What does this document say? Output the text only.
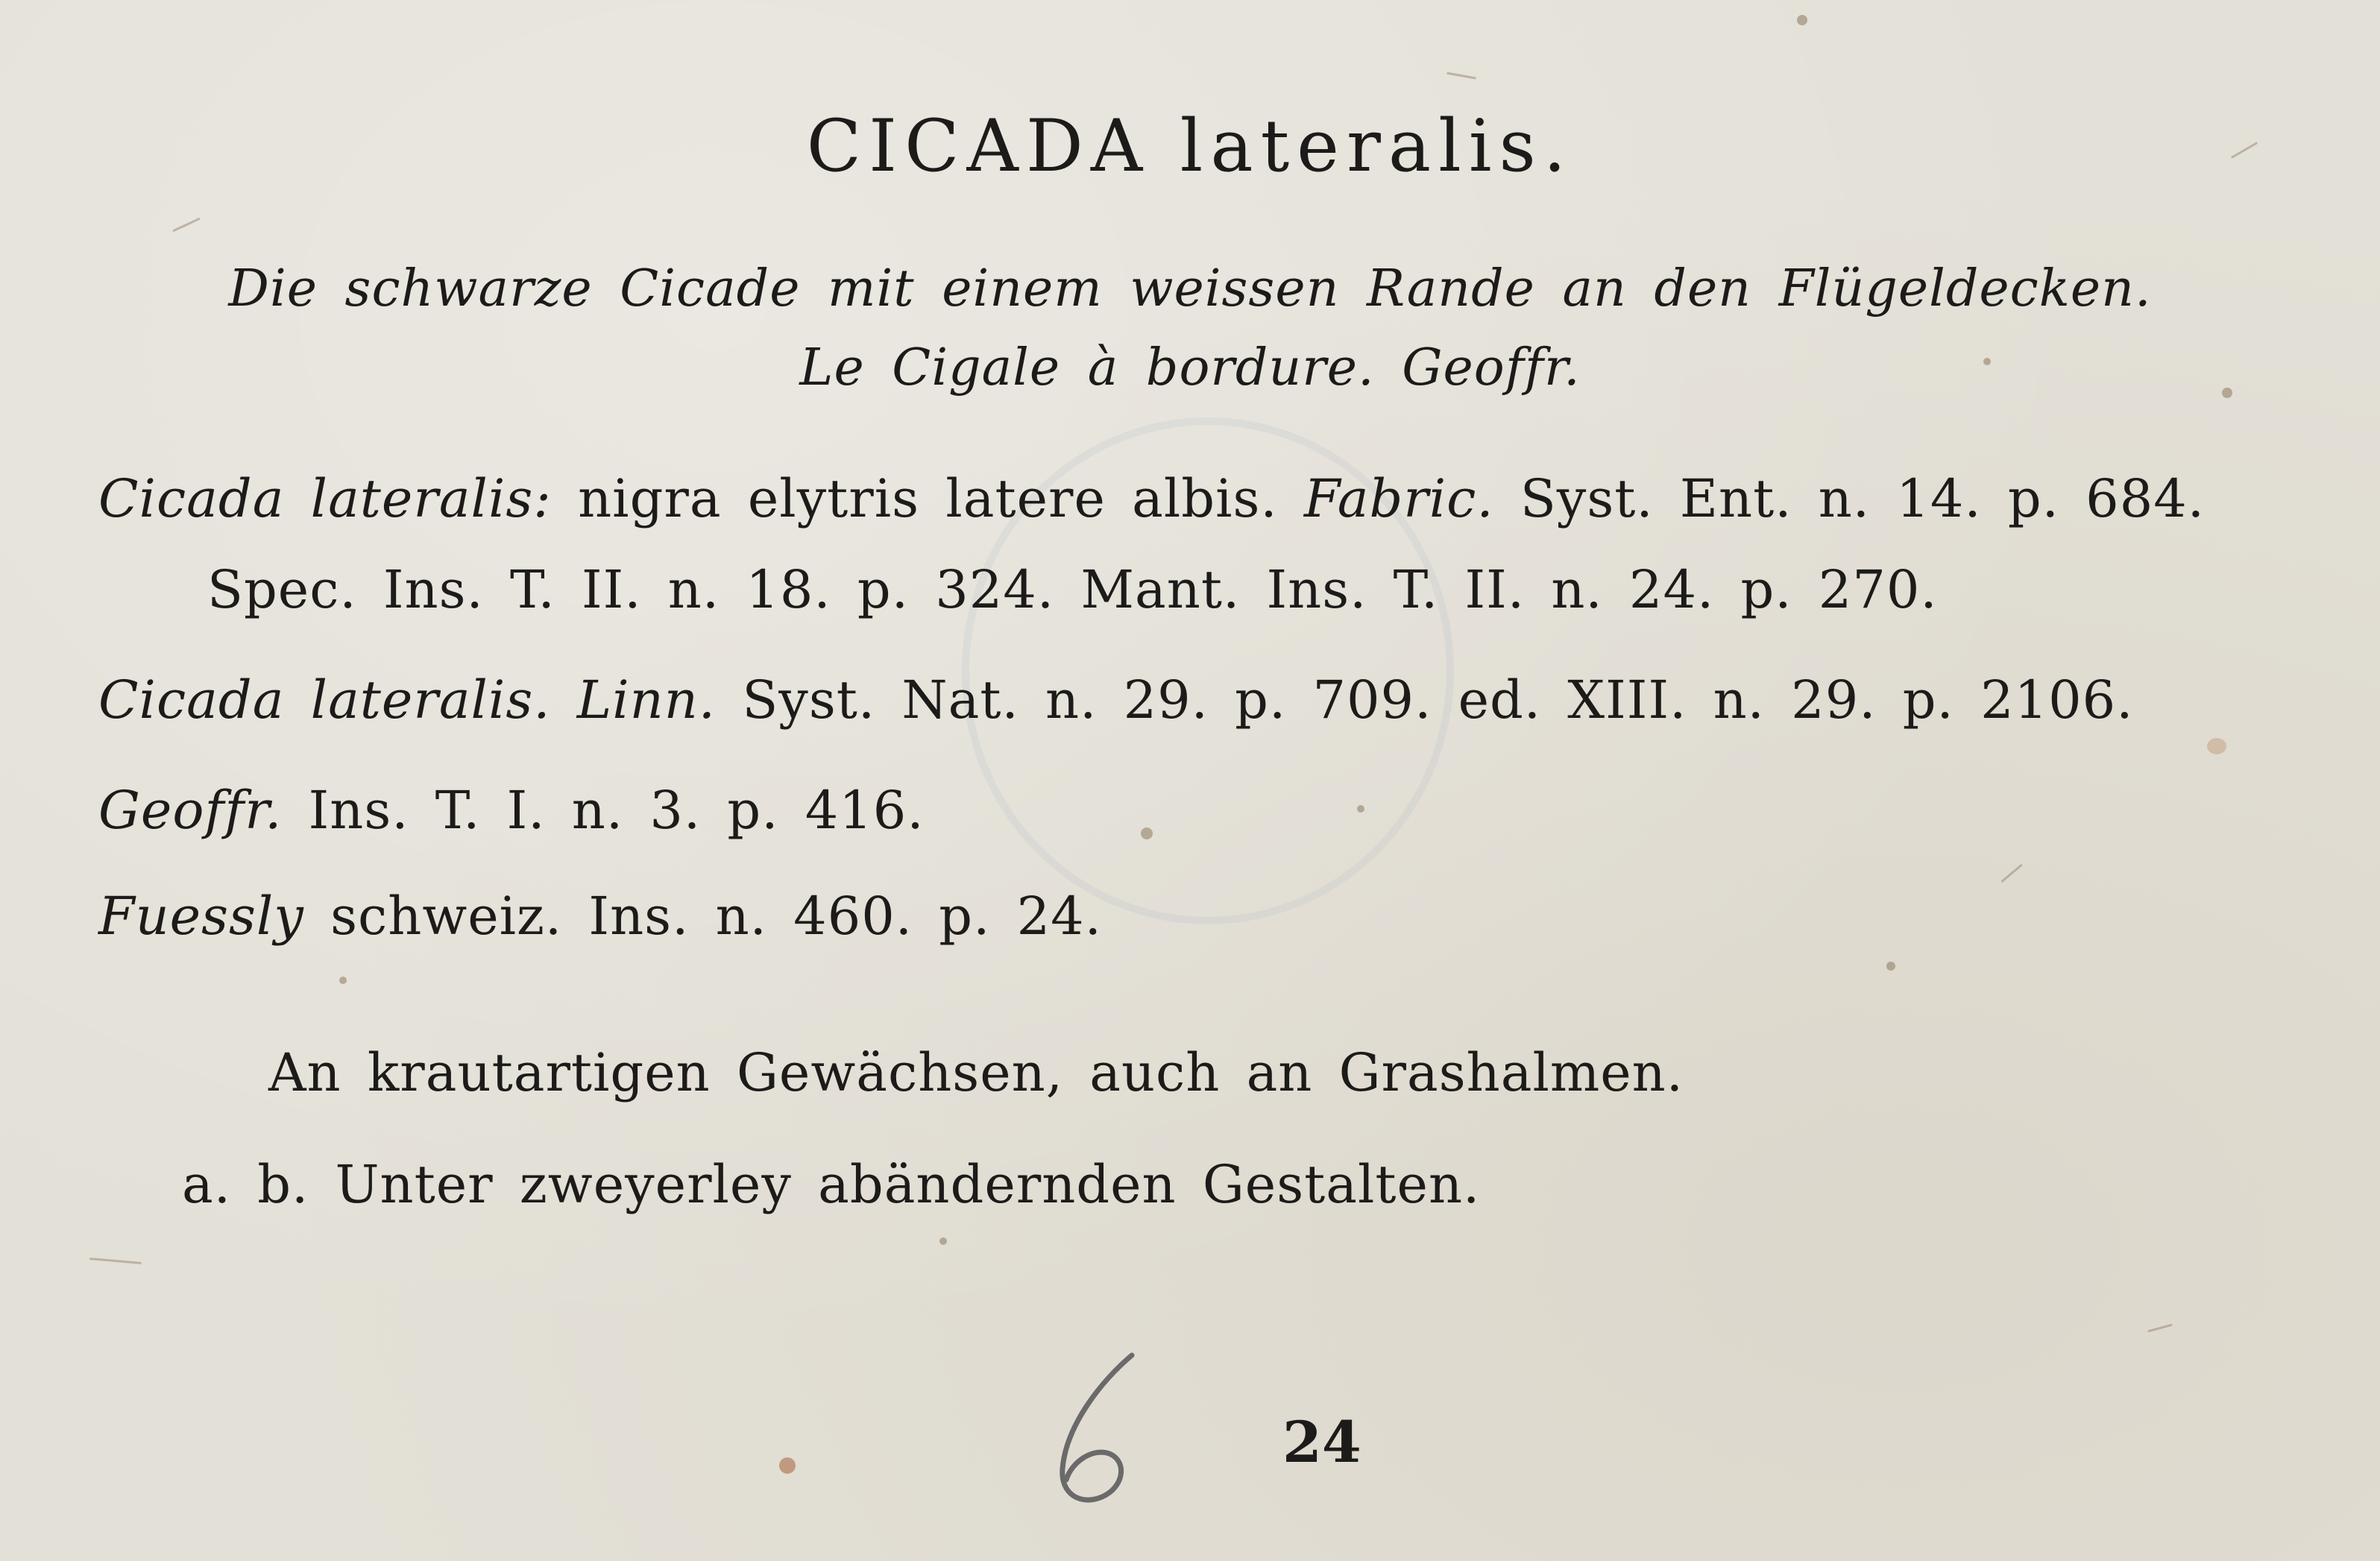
CICADA lateralis.
Die schwarze Cicade mit einem weissen Rande an den Flügeldecken.
Le Cigale à bordure. Geoffr.
Cicada lateralis: nigra elytris latere albis. Fabric. Syst. Ent. n. 14. p. 684.
Spec. Ins. T. II. n. 18. p. 324. Mant. Ins. T. II. n. 24. p. 270.
Cicada lateralis. Linn. Syst. Nat. n. 29. p. 709. ed. XIII. n. 29. p. 2106.
Geoffr. Ins. T. I. n. 3. p. 416.
Fuessly schweiz. Ins. n. 460. p. 24.
An krautartigen Gewächsen, auch an Grashalmen.
a. b. Unter zweyerley abändernden Gestalten.
24
